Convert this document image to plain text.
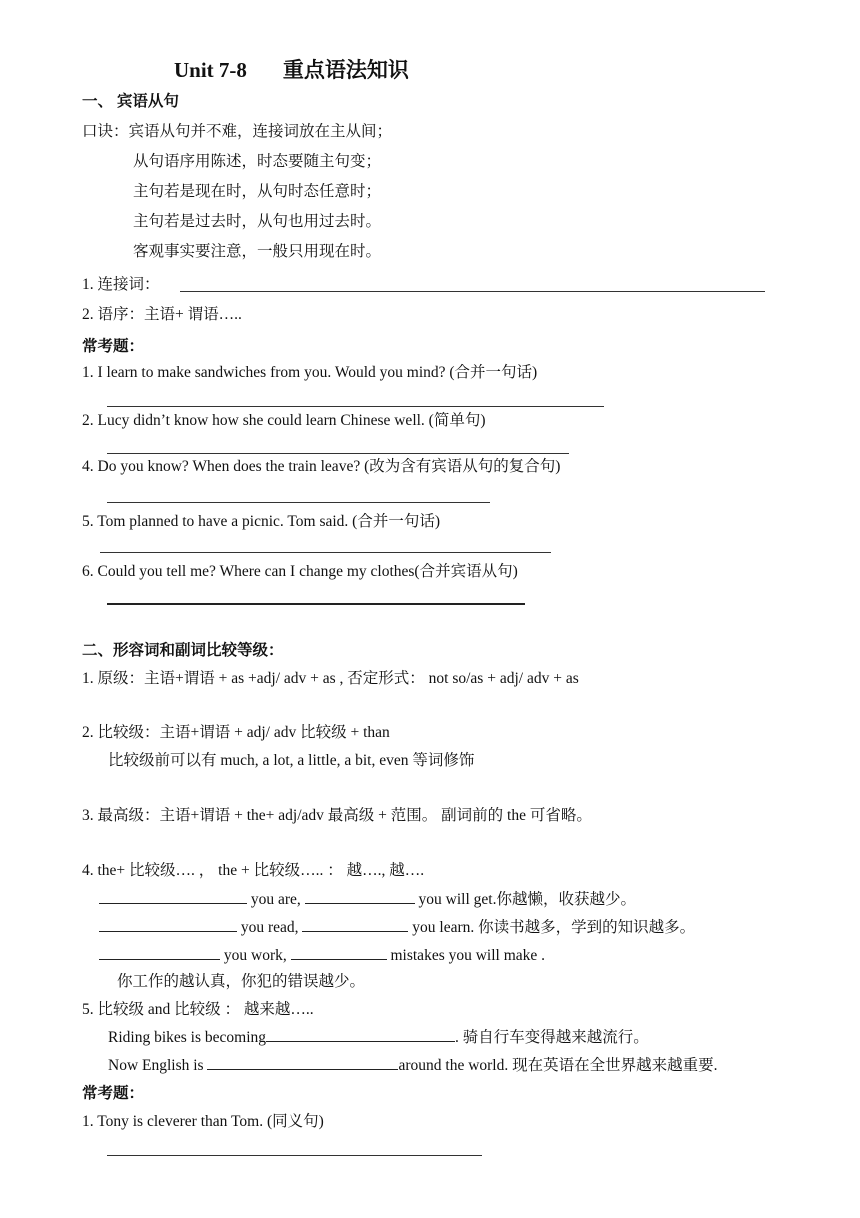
Unit 7-8 重点语法知识
一、 宾语从句
口诀：宾语从句并不难，连接词放在主从间；
从句语序用陈述，时态要随主句变；
主句若是现在时，从句时态任意时；
主句若是过去时，从句也用过去时。
客观事实要注意，一般只用现在时。
1. 连接词：
2. 语序：主语+ 谓语…..
常考题：
1. I learn to make sandwiches from you. Would you mind? (合并一句话)
2. Lucy didn’t know how she could learn Chinese well. (简单句)
4. Do you know? When does the train leave? (改为含有宾语从句的复合句)
5. Tom planned to have a picnic. Tom said. (合并一句话)
6. Could you tell me? Where can I change my clothes(合并宾语从句)
二、形容词和副词比较等级：
1. 原级：主语+谓语 + as +adj/ adv + as , 否定形式： not so/as + adj/ adv + as
2. 比较级：主语+谓语 + adj/ adv 比较级 + than
比较级前可以有 much, a lot, a little, a bit, even 等词修饰
3. 最高级：主语+谓语 + the+ adj/adv 最高级 + 范围。 副词前的 the 可省略。
4. the+ 比较级…. ， the + 比较级….. ： 越…., 越….
you are,	you will get.你越懒，收获越少。
you read,	you learn. 你读书越多，学到的知识越多。
you work,	mistakes you will make .
你工作的越认真，你犯的错误越少。
5. 比较级 and 比较级 ： 越来越…..
Riding bikes is becoming	. 骑自行车变得越来越流行。
Now English is	around the world. 现在英语在全世界越来越重要.
常考题：
1. Tony is cleverer than Tom. (同义句)
